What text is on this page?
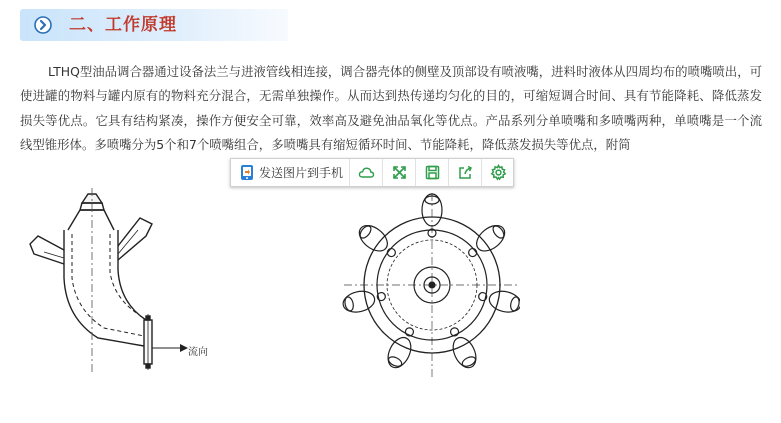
二、工作原理

LTHQ型油品调合器通过设备法兰与进液管线相连接，调合器壳体的侧壁及顶部设有喷液嘴，进料时液体从四周均布的喷嘴喷出，可使进罐的物料与罐内原有的物料充分混合，无需单独操作。从而达到热传递均匀化的目的，可缩短调合时间、具有节能降耗、降低蒸发损失等优点。它具有结构紧凑，操作方便安全可靠，效率高及避免油品氧化等优点。产品系列分单喷嘴和多喷嘴两种，单喷嘴是一个流线型锥形体。多喷嘴分为5个和7个喷嘴组合，多喷嘴具有缩短循环时间、节能降耗，降低蒸发损失等优点，附简

流向
发送图片到手机
